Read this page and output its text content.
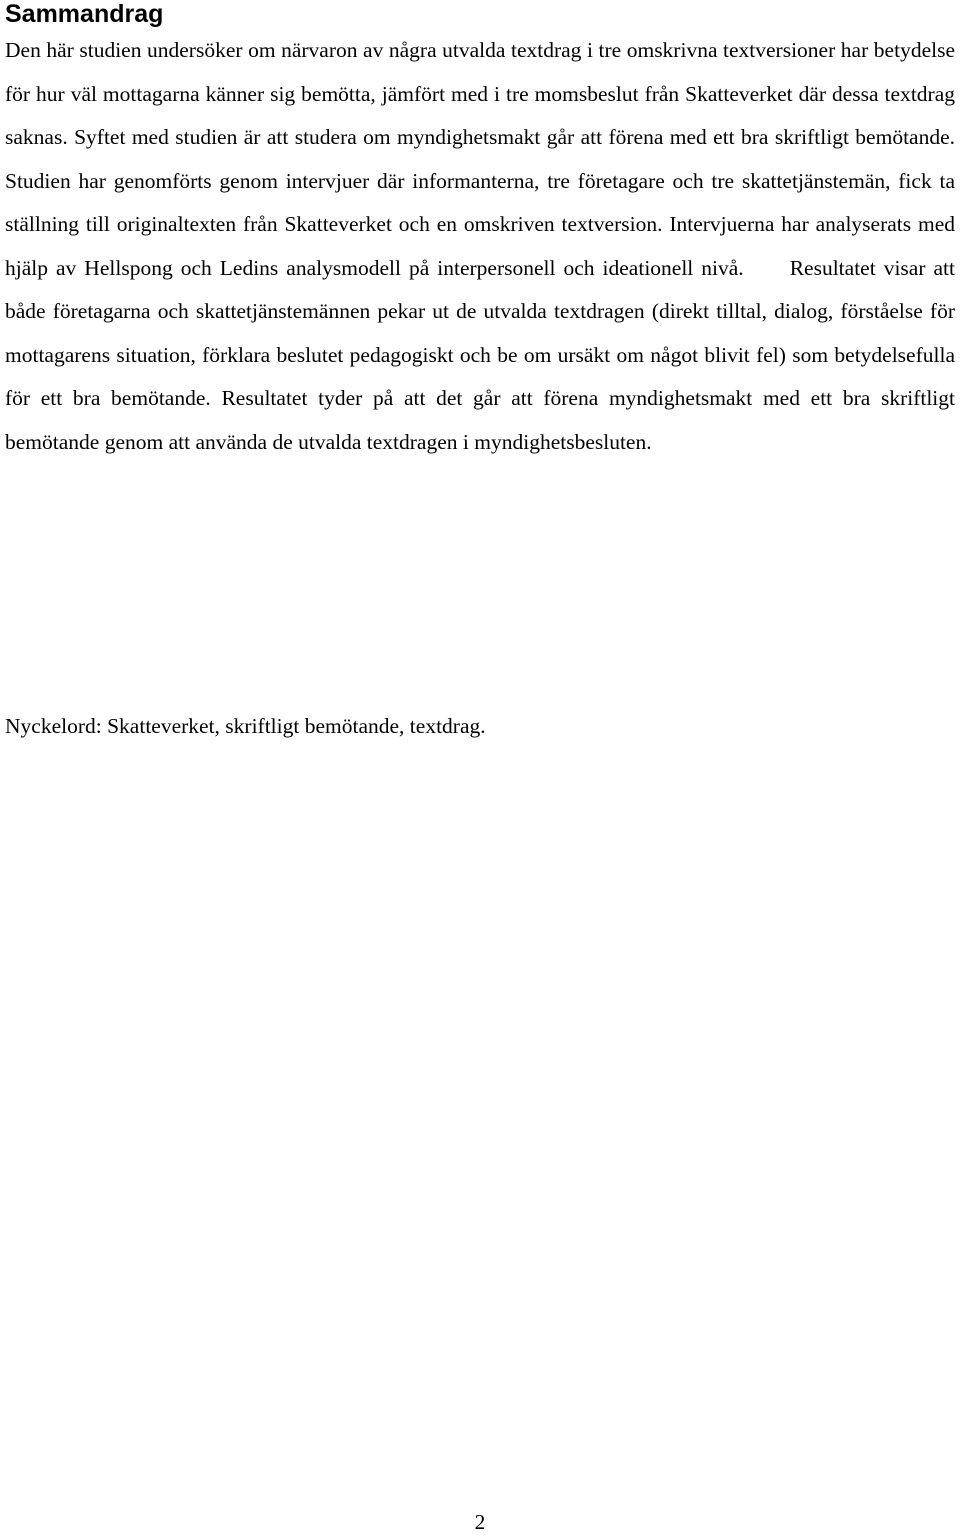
Sammandrag

Den här studien undersöker om närvaron av några utvalda textdrag i tre omskrivna textversioner har betydelse för hur väl mottagarna känner sig bemötta, jämfört med i tre momsbeslut från Skatteverket där dessa textdrag saknas. Syftet med studien är att studera om myndighetsmakt går att förena med ett bra skriftligt bemötande. Studien har genomförts genom intervjuer där informanterna, tre företagare och tre skattetjänstemän, fick ta ställning till originaltexten från Skatteverket och en omskriven textversion. Intervjuerna har analyserats med hjälp av Hellspong och Ledins analysmodell på interpersonell och ideationell nivå. Resultatet visar att både företagarna och skattetjänstemännen pekar ut de utvalda textdragen (direkt tilltal, dialog, förståelse för mottagarens situation, förklara beslutet pedagogiskt och be om ursäkt om något blivit fel) som betydelsefulla för ett bra bemötande. Resultatet tyder på att det går att förena myndighetsmakt med ett bra skriftligt bemötande genom att använda de utvalda textdragen i myndighetsbesluten.

Nyckelord: Skatteverket, skriftligt bemötande, textdrag.

2
